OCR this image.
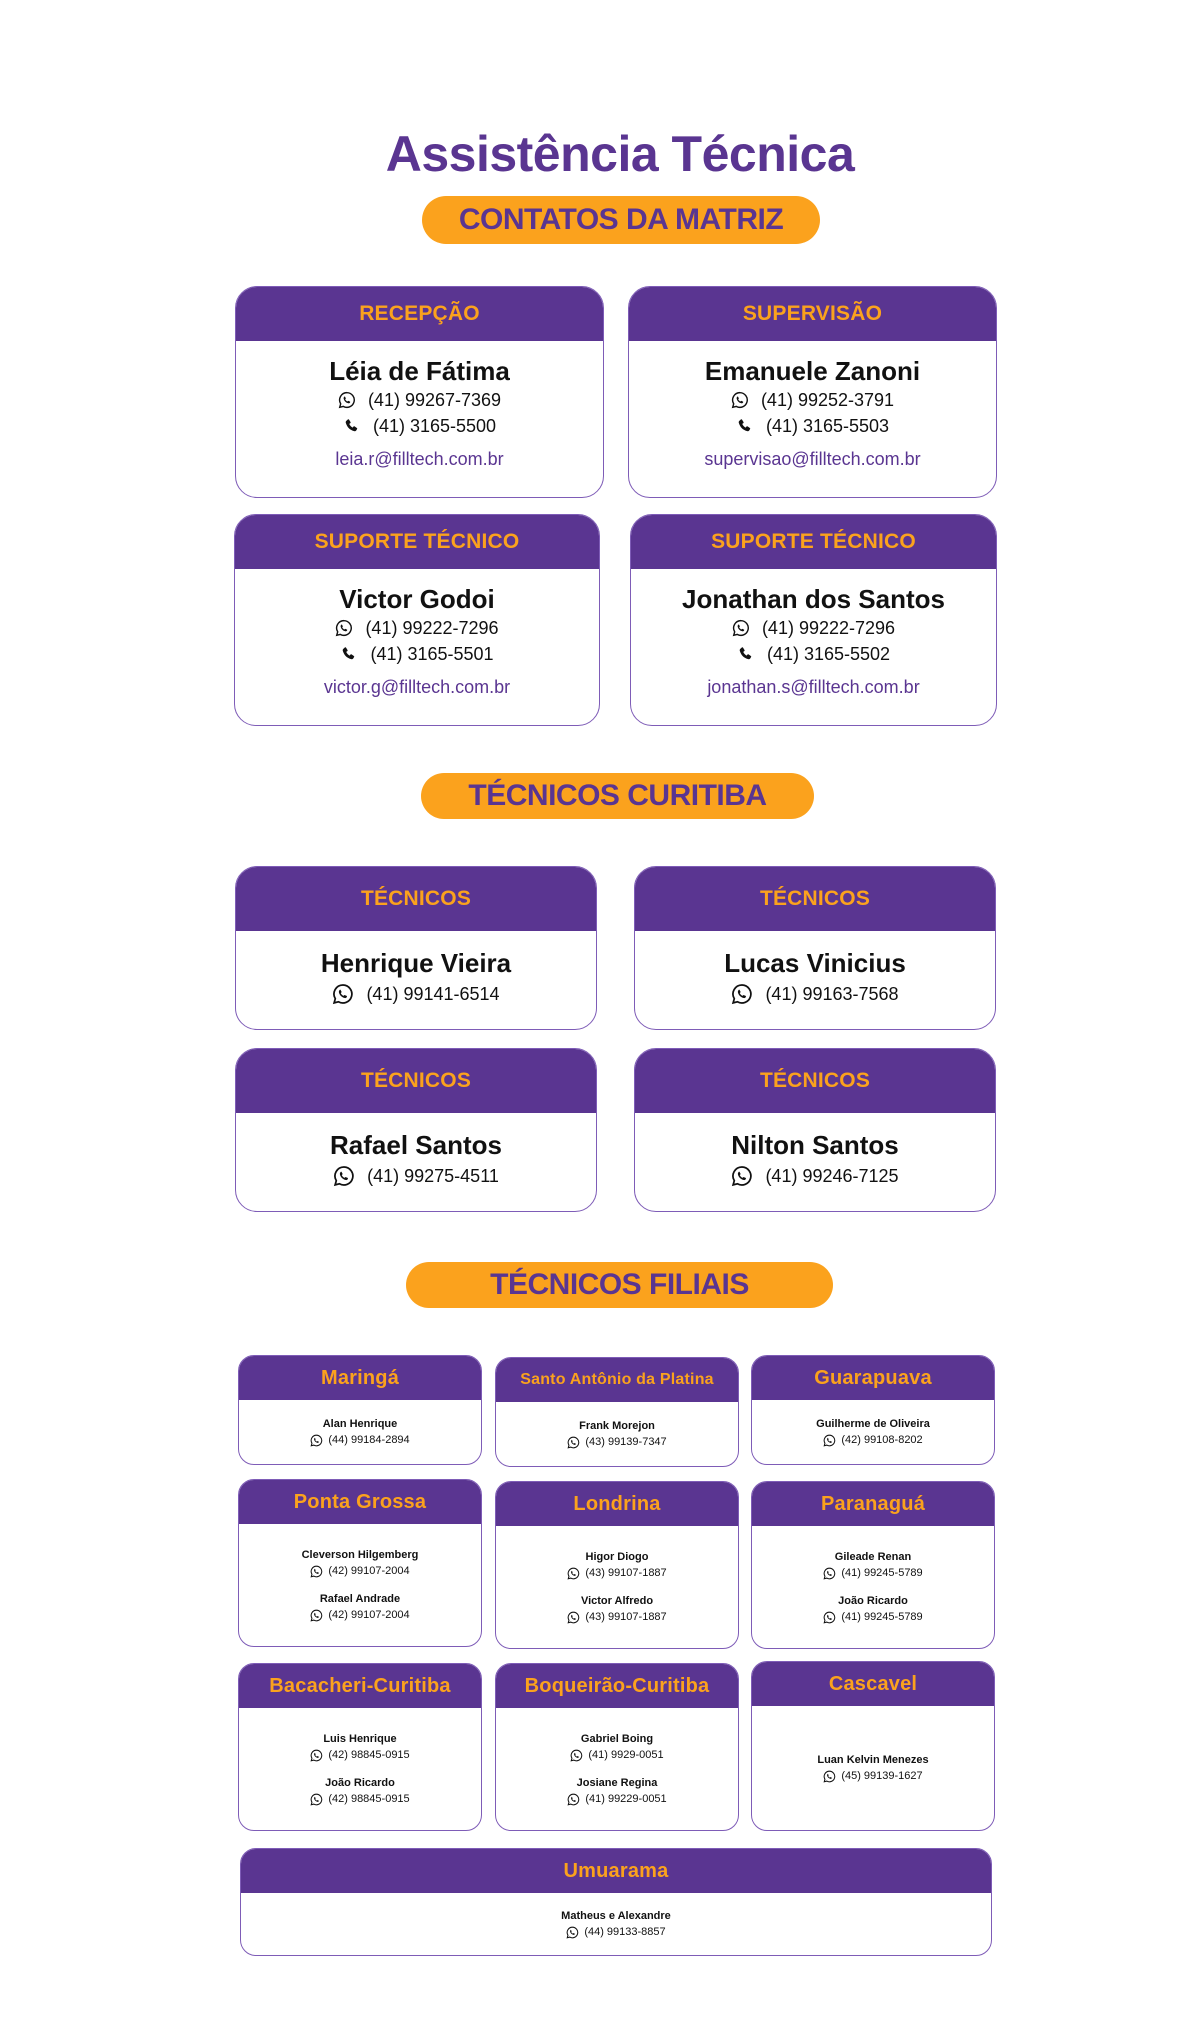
Assistência Técnica
CONTATOS DA MATRIZ
RECEPÇÃO
Léia de Fátima
(41) 99267-7369
(41) 3165-5500
leia.r@filltech.com.br
SUPERVISÃO
Emanuele Zanoni
(41) 99252-3791
(41) 3165-5503
supervisao@filltech.com.br
SUPORTE TÉCNICO
Victor Godoi
(41) 99222-7296
(41) 3165-5501
victor.g@filltech.com.br
SUPORTE TÉCNICO
Jonathan dos Santos
(41) 99222-7296
(41) 3165-5502
jonathan.s@filltech.com.br
TÉCNICOS CURITIBA
TÉCNICOS
Henrique Vieira
(41) 99141-6514
TÉCNICOS
Lucas Vinicius
(41) 99163-7568
TÉCNICOS
Rafael Santos
(41) 99275-4511
TÉCNICOS
Nilton Santos
(41) 99246-7125
TÉCNICOS FILIAIS
Maringá
Alan Henrique
(44) 99184-2894
Santo Antônio da Platina
Frank Morejon
(43) 99139-7347
Guarapuava
Guilherme de Oliveira
(42) 99108-8202
Ponta Grossa
Cleverson Hilgemberg
(42) 99107-2004
Rafael Andrade
(42) 99107-2004
Londrina
Higor Diogo
(43) 99107-1887
Victor Alfredo
(43) 99107-1887
Paranaguá
Gileade Renan
(41) 99245-5789
João Ricardo
(41) 99245-5789
Bacacheri-Curitiba
Luis Henrique
(42) 98845-0915
João Ricardo
(42) 98845-0915
Boqueirão-Curitiba
Gabriel Boing
(41) 9929-0051
Josiane Regina
(41) 99229-0051
Cascavel
Luan Kelvin Menezes
(45) 99139-1627
Umuarama
Matheus e Alexandre
(44) 99133-8857
